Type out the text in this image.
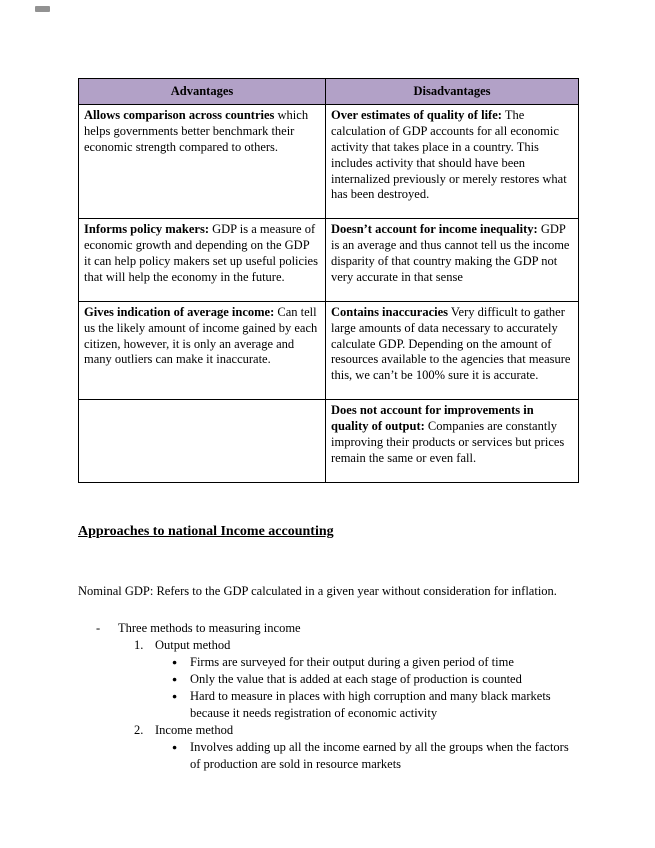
Advantages	Disadvantages
Allows comparison across countries which helps governments better benchmark their economic strength compared to others.	Over estimates of quality of life: The calculation of GDP accounts for all economic activity that takes place in a country. This includes activity that should have been internalized previously or merely restores what has been destroyed.
Informs policy makers: GDP is a measure of economic growth and depending on the GDP it can help policy makers set up useful policies that will help the economy in the future.	Doesn’t account for income inequality: GDP is an average and thus cannot tell us the income disparity of that country making the GDP not very accurate in that sense
Gives indication of average income: Can tell us the likely amount of income gained by each citizen, however, it is only an average and many outliers can make it inaccurate.	Contains inaccuracies Very difficult to gather large amounts of data necessary to accurately calculate GDP. Depending on the amount of resources available to the agencies that measure this, we can’t be 100% sure it is accurate.
	Does not account for improvements in quality of output: Companies are constantly improving their products or services but prices remain the same or even fall.
Approaches to national Income accounting

Nominal GDP: Refers to the GDP calculated in a given year without consideration for inflation.

-	Three methods to measuring income
1. Output method
●	Firms are surveyed for their output during a given period of time
●	Only the value that is added at each stage of production is counted
●	Hard to measure in places with high corruption and many black markets because it needs registration of economic activity
2. Income method
●	Involves adding up all the income earned by all the groups when the factors of production are sold in resource markets
